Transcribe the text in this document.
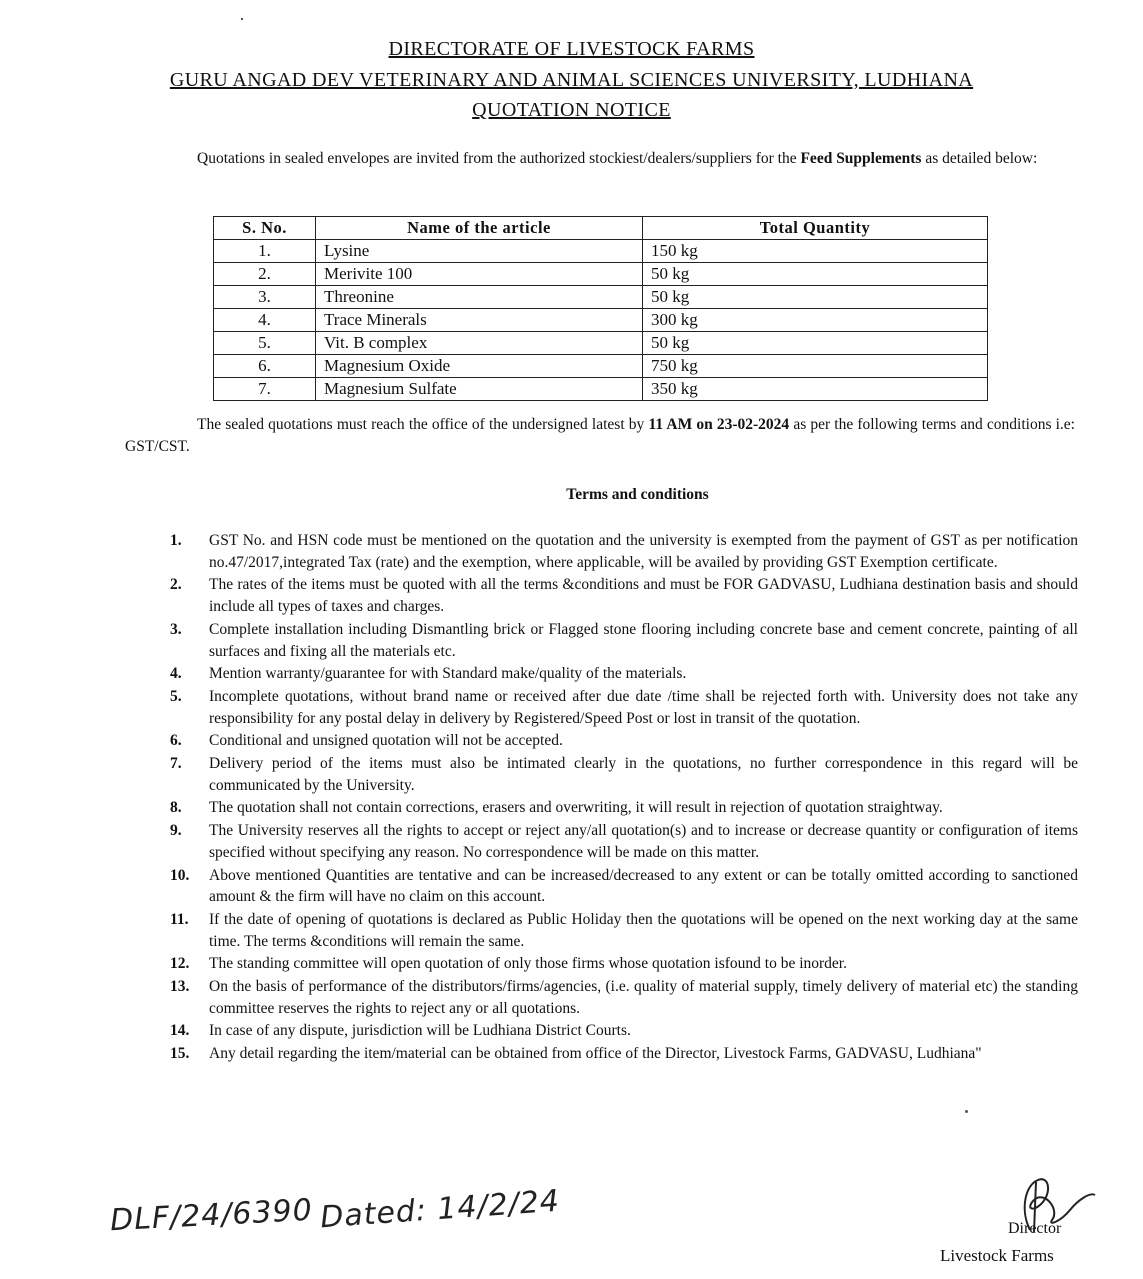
DIRECTORATE OF LIVESTOCK FARMS
GURU ANGAD DEV VETERINARY AND ANIMAL SCIENCES UNIVERSITY, LUDHIANA
QUOTATION NOTICE
Quotations in sealed envelopes are invited from the authorized stockiest/dealers/suppliers for the Feed Supplements as detailed below:
S. No.	Name of the article	Total Quantity
1.	Lysine	150 kg
2.	Merivite 100	50 kg
3.	Threonine	50 kg
4.	Trace Minerals	300 kg
5.	Vit. B complex	50 kg
6.	Magnesium Oxide	750 kg
7.	Magnesium Sulfate	350 kg
The sealed quotations must reach the office of the undersigned latest by 11 AM on 23-02-2024 as per the following terms and conditions i.e: GST/CST.
Terms and conditions
1. GST No. and HSN code must be mentioned on the quotation and the university is exempted from the payment of GST as per notification no.47/2017,integrated Tax (rate) and the exemption, where applicable, will be availed by providing GST Exemption certificate.
2. The rates of the items must be quoted with all the terms &conditions and must be FOR GADVASU, Ludhiana destination basis and should include all types of taxes and charges.
3. Complete installation including Dismantling brick or Flagged stone flooring including concrete base and cement concrete, painting of all surfaces and fixing all the materials etc.
4. Mention warranty/guarantee for with Standard make/quality of the materials.
5. Incomplete quotations, without brand name or received after due date /time shall be rejected forth with. University does not take any responsibility for any postal delay in delivery by Registered/Speed Post or lost in transit of the quotation.
6. Conditional and unsigned quotation will not be accepted.
7. Delivery period of the items must also be intimated clearly in the quotations, no further correspondence in this regard will be communicated by the University.
8. The quotation shall not contain corrections, erasers and overwriting, it will result in rejection of quotation straightway.
9. The University reserves all the rights to accept or reject any/all quotation(s) and to increase or decrease quantity or configuration of items specified without specifying any reason. No correspondence will be made on this matter.
10. Above mentioned Quantities are tentative and can be increased/decreased to any extent or can be totally omitted according to sanctioned amount & the firm will have no claim on this account.
11. If the date of opening of quotations is declared as Public Holiday then the quotations will be opened on the next working day at the same time. The terms &conditions will remain the same.
12. The standing committee will open quotation of only those firms whose quotation isfound to be inorder.
13. On the basis of performance of the distributors/firms/agencies, (i.e. quality of material supply, timely delivery of material etc) the standing committee reserves the rights to reject any or all quotations.
14. In case of any dispute, jurisdiction will be Ludhiana District Courts.
15. Any detail regarding the item/material can be obtained from office of the Director, Livestock Farms, GADVASU, Ludhiana"
DLF/24/6390 Dated: 14/2/24	Director
Livestock Farms
